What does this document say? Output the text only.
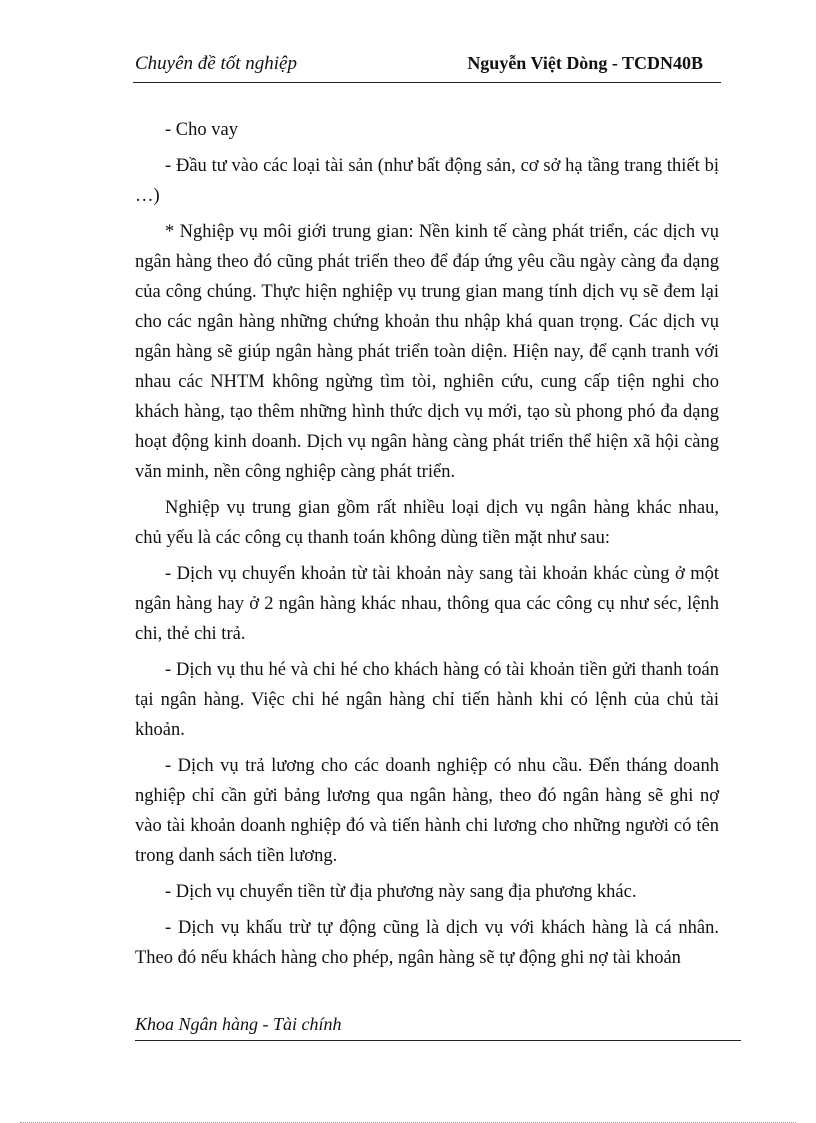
Chuyên đề tốt nghiệp	Nguyễn Việt Dòng - TCDN40B

- Cho vay

- Đầu tư vào các loại tài sản (như bất động sản, cơ sở hạ tầng trang thiết bị …)

* Nghiệp vụ môi giới trung gian: Nền kinh tế càng phát triển, các dịch vụ ngân hàng theo đó cũng phát triển theo để đáp ứng yêu cầu ngày càng đa dạng của công chúng. Thực hiện nghiệp vụ trung gian mang tính dịch vụ sẽ đem lại cho các ngân hàng những chứng khoản thu nhập khá quan trọng. Các dịch vụ ngân hàng sẽ giúp ngân hàng phát triển toàn diện. Hiện nay, để cạnh tranh với nhau các NHTM không ngừng tìm tòi, nghiên cứu, cung cấp tiện nghi cho khách hàng, tạo thêm những hình thức dịch vụ mới, tạo sù phong phó đa dạng hoạt động kinh doanh. Dịch vụ ngân hàng càng phát triển thể hiện xã hội càng văn minh, nền công nghiệp càng phát triển.

Nghiệp vụ trung gian gồm rất nhiều loại dịch vụ ngân hàng khác nhau, chủ yếu là các công cụ thanh toán không dùng tiền mặt như sau:

- Dịch vụ chuyển khoản từ tài khoản này sang tài khoản khác cùng ở một ngân hàng hay ở 2 ngân hàng khác nhau, thông qua các công cụ như séc, lệnh chi, thẻ chi trả.

- Dịch vụ thu hé và chi hé cho khách hàng có tài khoản tiền gửi thanh toán tại ngân hàng. Việc chi hé ngân hàng chỉ tiến hành khi có lệnh của chủ tài khoản.

- Dịch vụ trả lương cho các doanh nghiệp có nhu cầu. Đến tháng doanh nghiệp chỉ cần gửi bảng lương qua ngân hàng, theo đó ngân hàng sẽ ghi nợ vào tài khoản doanh nghiệp đó và tiến hành chi lương cho những người có tên trong danh sách tiền lương.

- Dịch vụ chuyển tiền từ địa phương này sang địa phương khác.

- Dịch vụ khấu trừ tự động cũng là dịch vụ với khách hàng là cá nhân. Theo đó nếu khách hàng cho phép, ngân hàng sẽ tự động ghi nợ tài khoản

Khoa Ngân hàng - Tài chính
